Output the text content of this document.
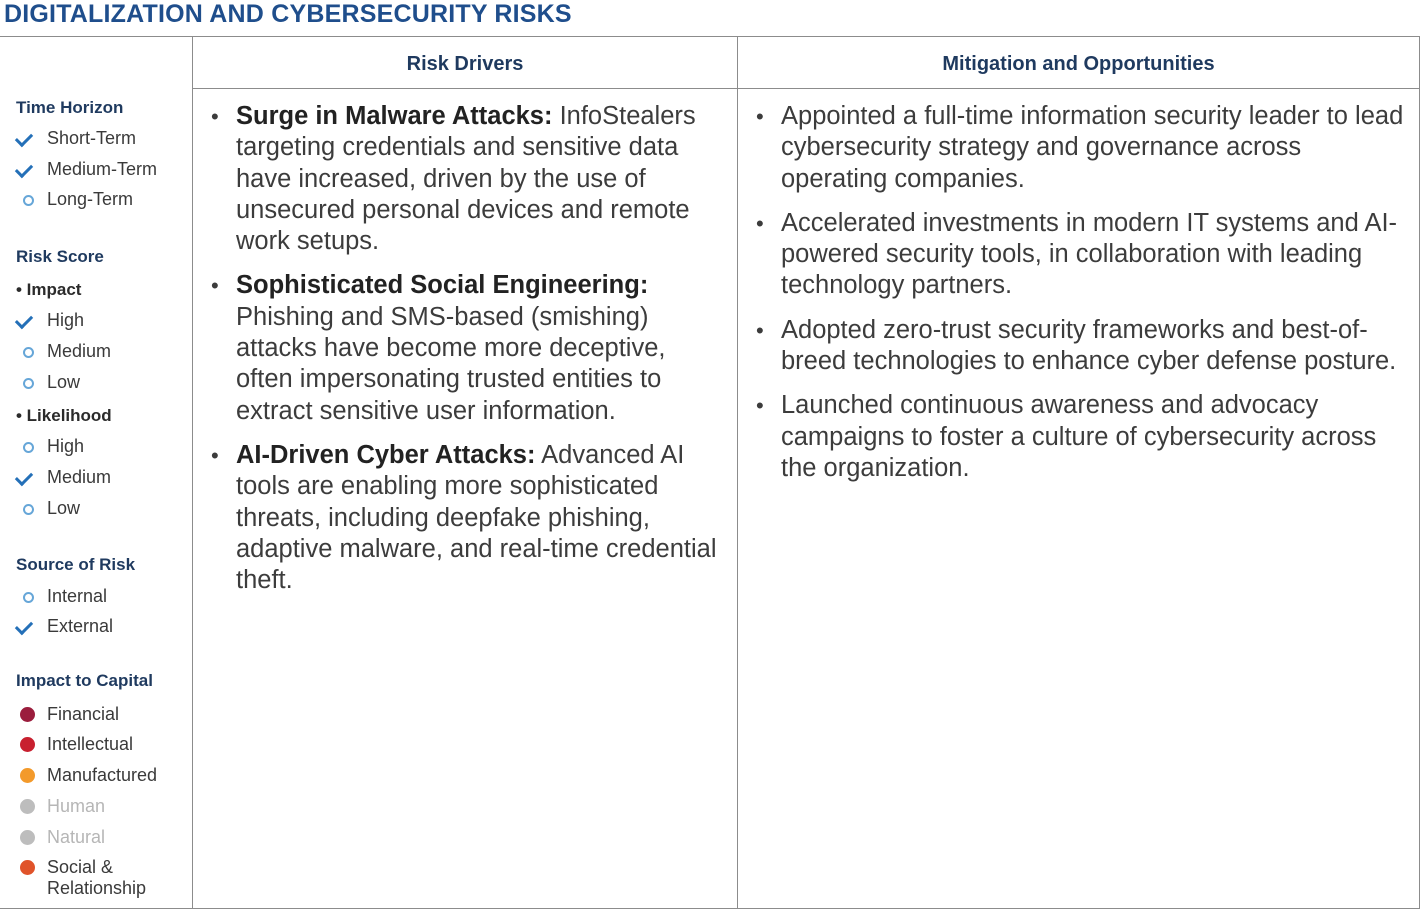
DIGITALIZATION AND CYBERSECURITY RISKS
Risk Drivers	Mitigation and Opportunities
Time Horizon
Short-Term
Medium-Term
Long-Term
Risk Score
• Impact
High
Medium
Low
• Likelihood
High
Medium
Low
Source of Risk
Internal
External
Impact to Capital
Financial
Intellectual
Manufactured
Human
Natural
Social &
Relationship
• Surge in Malware Attacks: InfoStealers targeting credentials and sensitive data have increased, driven by the use of unsecured personal devices and remote work setups.
• Sophisticated Social Engineering: Phishing and SMS-based (smishing) attacks have become more deceptive, often impersonating trusted entities to extract sensitive user information.
• AI-Driven Cyber Attacks: Advanced AI tools are enabling more sophisticated threats, including deepfake phishing, adaptive malware, and real-time credential theft.
• Appointed a full-time information security leader to lead cybersecurity strategy and governance across operating companies.
• Accelerated investments in modern IT systems and AI-powered security tools, in collaboration with leading technology partners.
• Adopted zero-trust security frameworks and best-of-breed technologies to enhance cyber defense posture.
• Launched continuous awareness and advocacy campaigns to foster a culture of cybersecurity across the organization.
